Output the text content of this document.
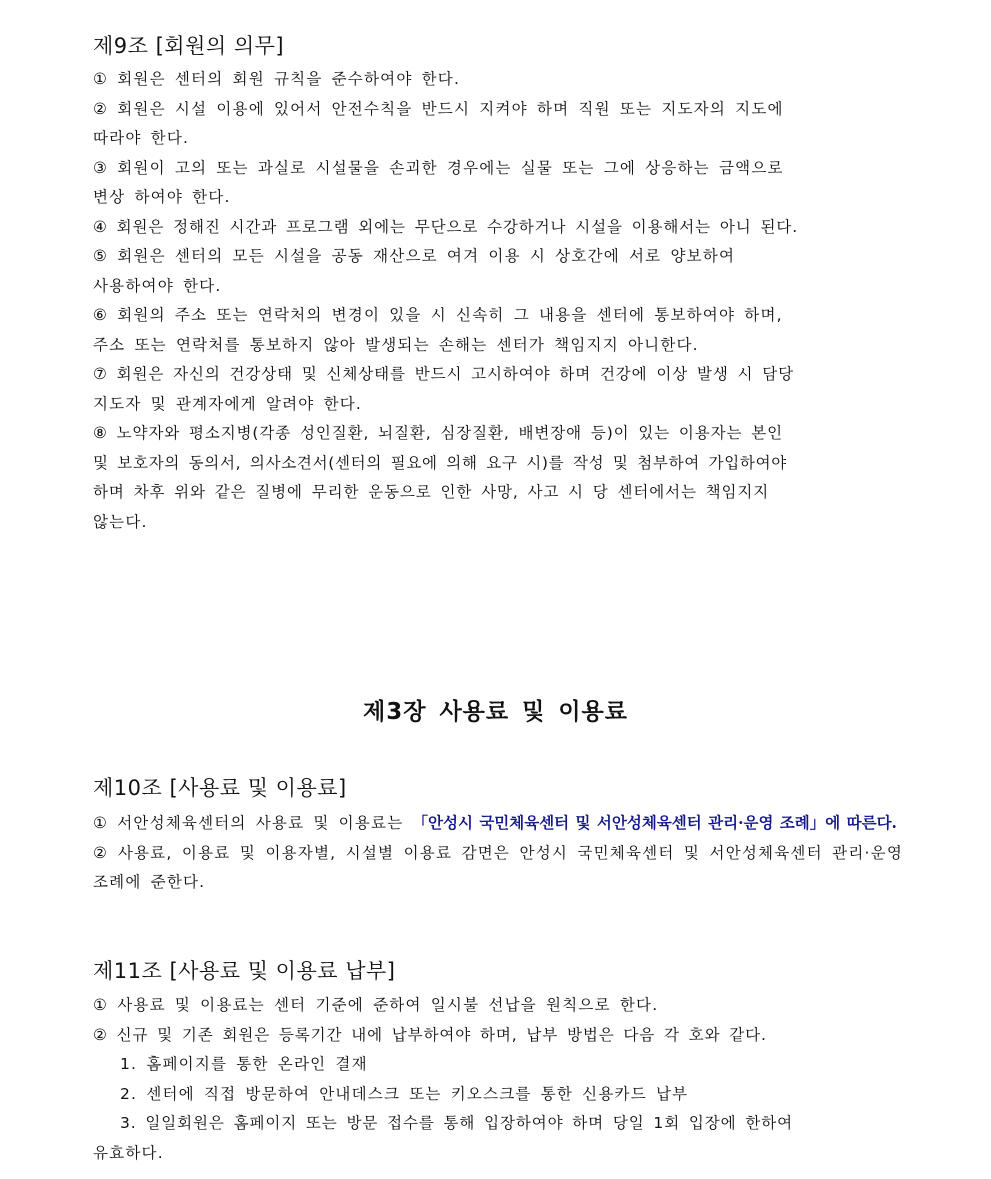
제9조 [회원의 의무]

① 회원은 센터의 회원 규칙을 준수하여야 한다.

② 회원은 시설 이용에 있어서 안전수칙을 반드시 지켜야 하며 직원 또는 지도자의 지도에

따라야 한다.

③ 회원이 고의 또는 과실로 시설물을 손괴한 경우에는 실물 또는 그에 상응하는 금액으로

변상 하여야 한다.

④ 회원은 정해진 시간과 프로그램 외에는 무단으로 수강하거나 시설을 이용해서는 아니 된다.

⑤ 회원은 센터의 모든 시설을 공동 재산으로 여겨 이용 시 상호간에 서로 양보하여

사용하여야 한다.

⑥ 회원의 주소 또는 연락처의 변경이 있을 시 신속히 그 내용을 센터에 통보하여야 하며,

주소 또는 연락처를 통보하지 않아 발생되는 손해는 센터가 책임지지 아니한다.

⑦ 회원은 자신의 건강상태 및 신체상태를 반드시 고시하여야 하며 건강에 이상 발생 시 담당

지도자 및 관계자에게 알려야 한다.

⑧ 노약자와 평소지병(각종 성인질환, 뇌질환, 심장질환, 배변장애 등)이 있는 이용자는 본인

및 보호자의 동의서, 의사소견서(센터의 필요에 의해 요구 시)를 작성 및 첨부하여 가입하여야

하며 차후 위와 같은 질병에 무리한 운동으로 인한 사망, 사고 시 당 센터에서는 책임지지

않는다.

제3장 사용료 및 이용료
제10조 [사용료 및 이용료]

① 서안성체육센터의 사용료 및 이용료는 「안성시 국민체육센터 및 서안성체육센터 관리·운영 조례」에 따른다.

② 사용료, 이용료 및 이용자별, 시설별 이용료 감면은 안성시 국민체육센터 및 서안성체육센터 관리·운영 조례에 준한다.

제11조 [사용료 및 이용료 납부]

① 사용료 및 이용료는 센터 기준에 준하여 일시불 선납을 원칙으로 한다.

② 신규 및 기존 회원은 등록기간 내에 납부하여야 하며, 납부 방법은 다음 각 호와 같다.

1. 홈페이지를 통한 온라인 결재

2. 센터에 직접 방문하여 안내데스크 또는 키오스크를 통한 신용카드 납부

3. 일일회원은 홈페이지 또는 방문 접수를 통해 입장하여야 하며 당일 1회 입장에 한하여

유효하다.
